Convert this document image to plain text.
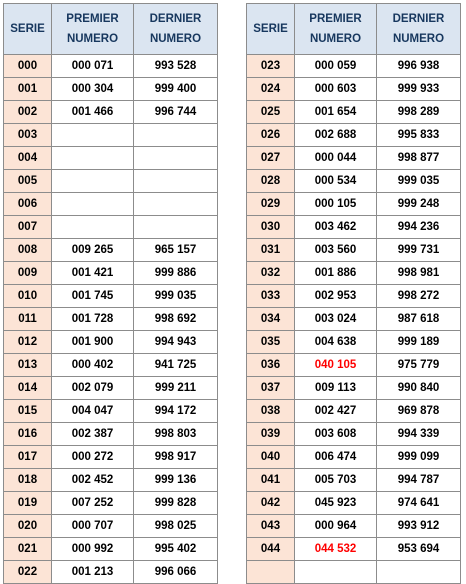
SERIE	PREMIER NUMERO	DERNIER NUMERO
000	000 071	993 528
001	000 304	999 400
002	001 466	996 744
003		
004		
005		
006		
007		
008	009 265	965 157
009	001 421	999 886
010	001 745	999 035
011	001 728	998 692
012	001 900	994 943
013	000 402	941 725
014	002 079	999 211
015	004 047	994 172
016	002 387	998 803
017	000 272	998 917
018	002 452	999 136
019	007 252	999 828
020	000 707	998 025
021	000 992	995 402
022	001 213	996 066
SERIE	PREMIER NUMERO	DERNIER NUMERO
023	000 059	996 938
024	000 603	999 933
025	001 654	998 289
026	002 688	995 833
027	000 044	998 877
028	000 534	999 035
029	000 105	999 248
030	003 462	994 236
031	003 560	999 731
032	001 886	998 981
033	002 953	998 272
034	003 024	987 618
035	004 638	999 189
036	040 105	975 779
037	009 113	990 840
038	002 427	969 878
039	003 608	994 339
040	006 474	999 099
041	005 703	994 787
042	045 923	974 641
043	000 964	993 912
044	044 532	953 694
